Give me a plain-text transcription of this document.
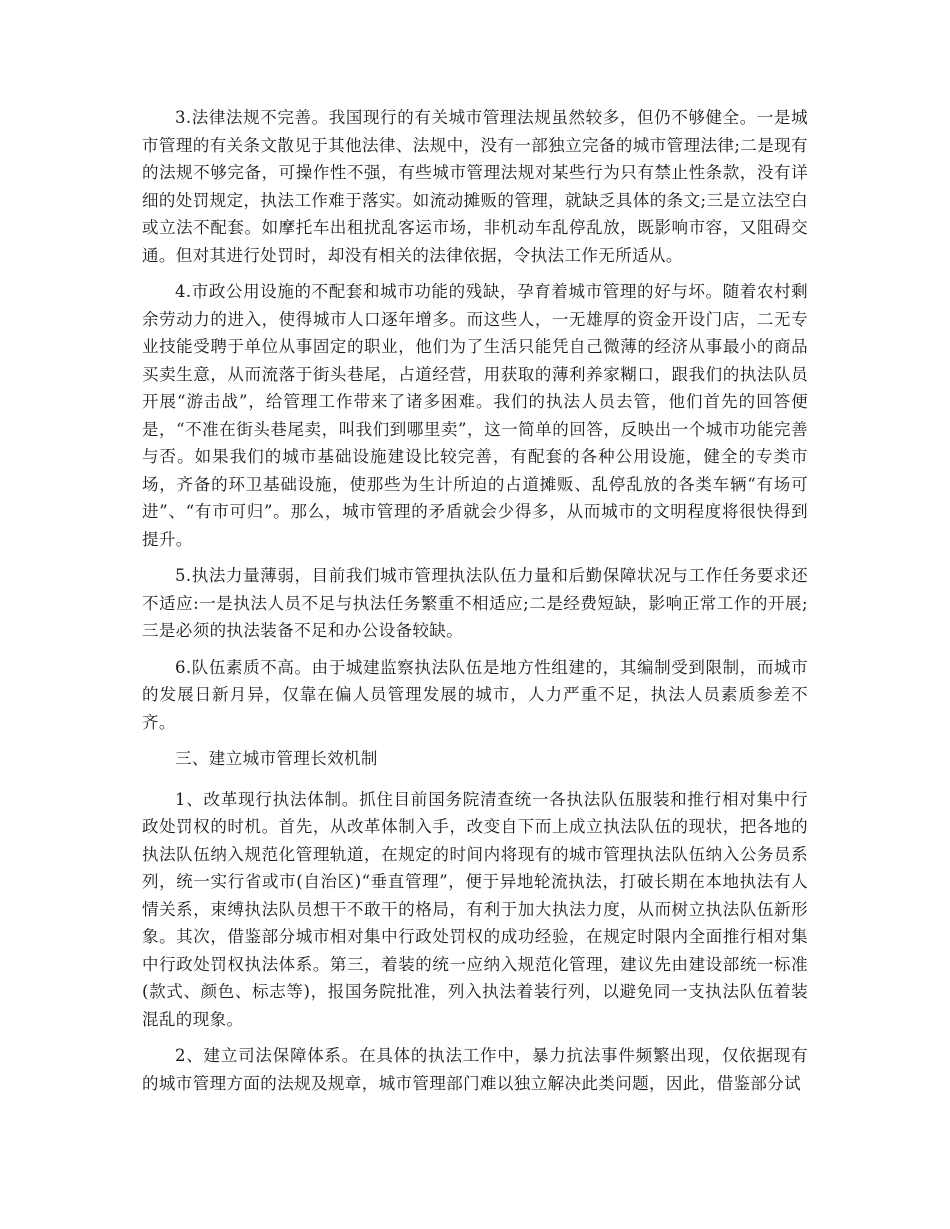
3.法律法规不完善。我国现行的有关城市管理法规虽然较多，但仍不够健全。一是城市管理的有关条文散见于其他法律、法规中，没有一部独立完备的城市管理法律;二是现有的法规不够完备，可操作性不强，有些城市管理法规对某些行为只有禁止性条款，没有详细的处罚规定，执法工作难于落实。如流动摊贩的管理，就缺乏具体的条文;三是立法空白或立法不配套。如摩托车出租扰乱客运市场，非机动车乱停乱放，既影响市容，又阻碍交通。但对其进行处罚时，却没有相关的法律依据，令执法工作无所适从。

4.市政公用设施的不配套和城市功能的残缺，孕育着城市管理的好与坏。随着农村剩余劳动力的进入，使得城市人口逐年增多。而这些人，一无雄厚的资金开设门店，二无专业技能受聘于单位从事固定的职业，他们为了生活只能凭自己微薄的经济从事最小的商品买卖生意，从而流落于街头巷尾，占道经营，用获取的薄利养家糊口，跟我们的执法队员开展“游击战”，给管理工作带来了诸多困难。我们的执法人员去管，他们首先的回答便是，“不准在街头巷尾卖，叫我们到哪里卖”，这一简单的回答，反映出一个城市功能完善与否。如果我们的城市基础设施建设比较完善，有配套的各种公用设施，健全的专类市场，齐备的环卫基础设施，使那些为生计所迫的占道摊贩、乱停乱放的各类车辆“有场可进”、“有市可归”。那么，城市管理的矛盾就会少得多，从而城市的文明程度将很快得到提升。

5.执法力量薄弱，目前我们城市管理执法队伍力量和后勤保障状况与工作任务要求还不适应:一是执法人员不足与执法任务繁重不相适应;二是经费短缺，影响正常工作的开展;三是必须的执法装备不足和办公设备较缺。

6.队伍素质不高。由于城建监察执法队伍是地方性组建的，其编制受到限制，而城市的发展日新月异，仅靠在偏人员管理发展的城市，人力严重不足，执法人员素质参差不齐。

三、建立城市管理长效机制

1、改革现行执法体制。抓住目前国务院清查统一各执法队伍服装和推行相对集中行政处罚权的时机。首先，从改革体制入手，改变自下而上成立执法队伍的现状，把各地的执法队伍纳入规范化管理轨道，在规定的时间内将现有的城市管理执法队伍纳入公务员系列，统一实行省或市(自治区)“垂直管理”，便于异地轮流执法，打破长期在本地执法有人情关系，束缚执法队员想干不敢干的格局，有利于加大执法力度，从而树立执法队伍新形象。其次，借鉴部分城市相对集中行政处罚权的成功经验，在规定时限内全面推行相对集中行政处罚权执法体系。第三，着装的统一应纳入规范化管理，建议先由建设部统一标准(款式、颜色、标志等)，报国务院批准，列入执法着装行列，以避免同一支执法队伍着装混乱的现象。

2、建立司法保障体系。在具体的执法工作中，暴力抗法事件频繁出现，仅依据现有的城市管理方面的法规及规章，城市管理部门难以独立解决此类问题，因此，借鉴部分试
